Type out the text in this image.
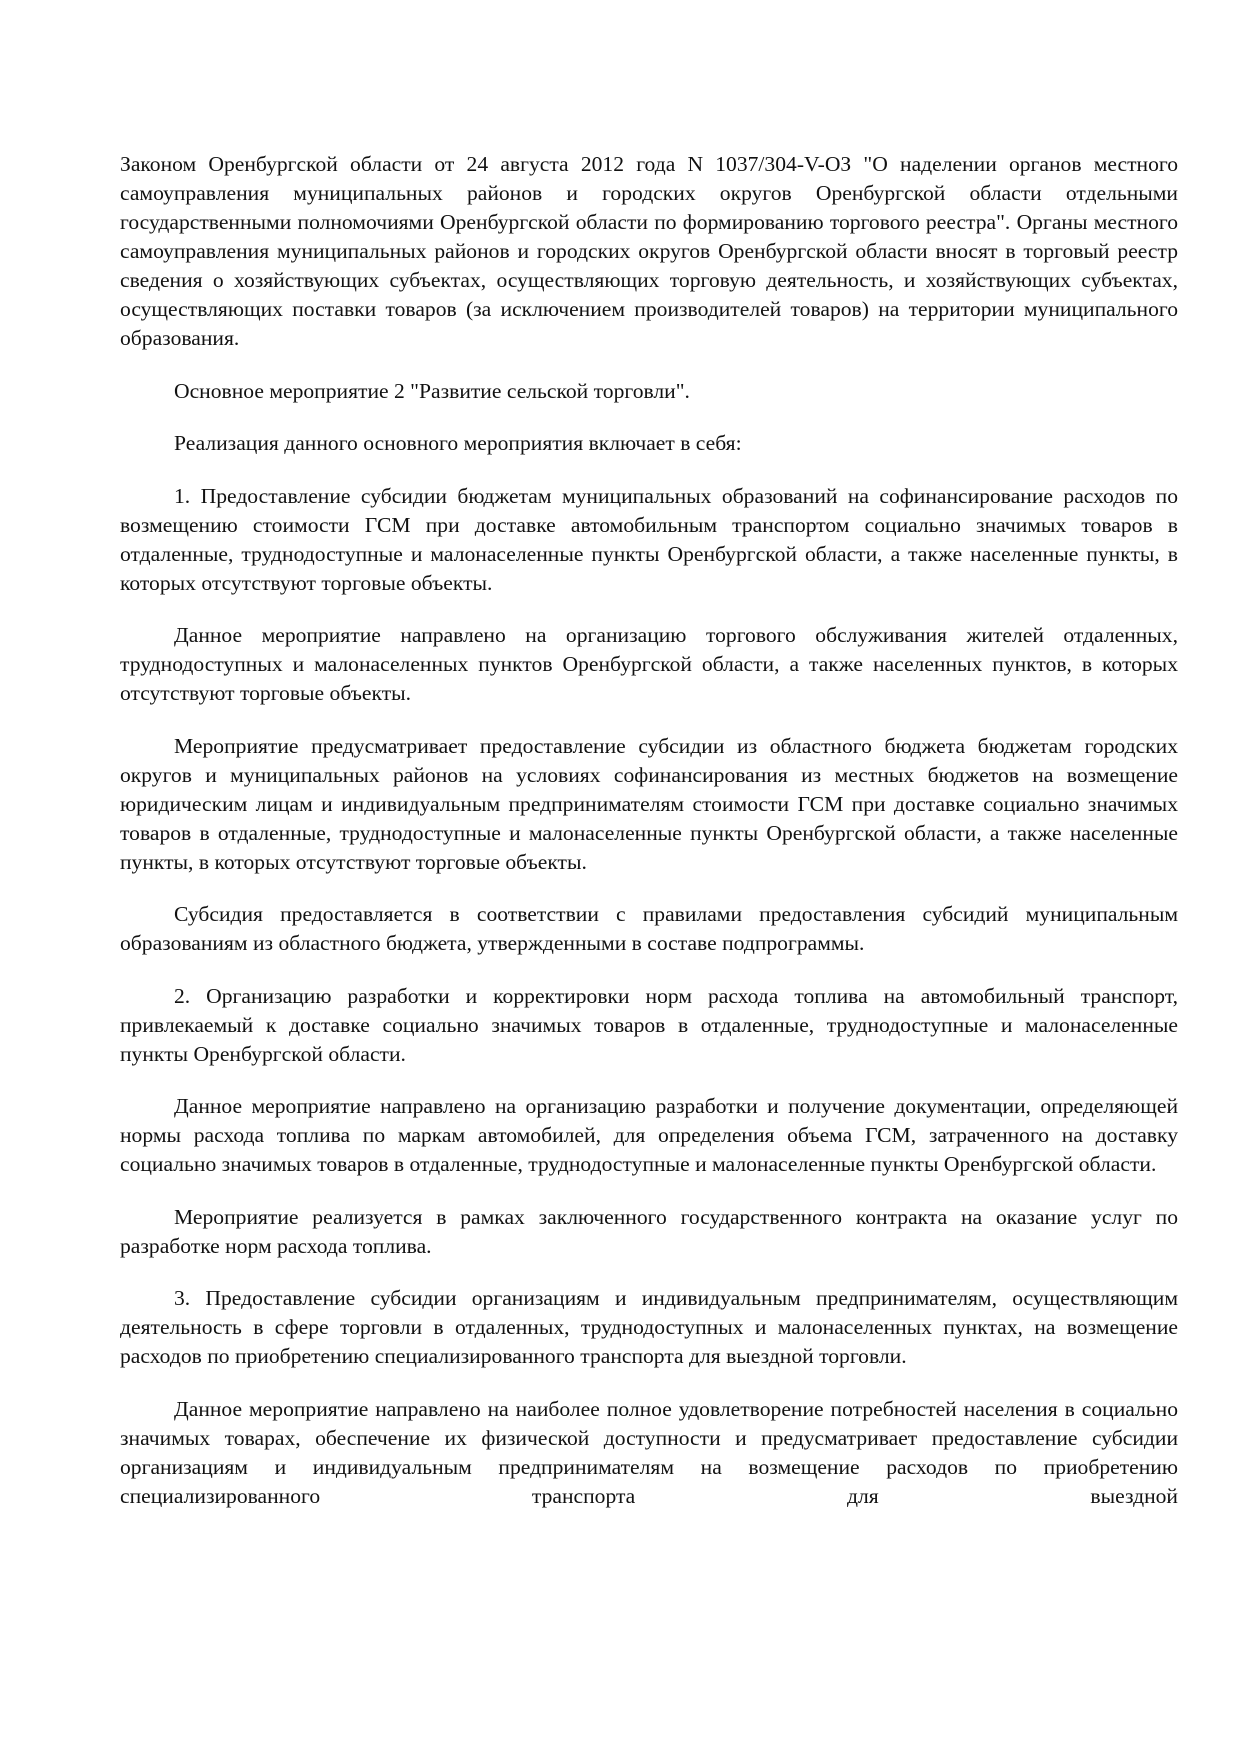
Законом Оренбургской области от 24 августа 2012 года N 1037/304-V-ОЗ "О наделении органов местного самоуправления муниципальных районов и городских округов Оренбургской области отдельными государственными полномочиями Оренбургской области по формированию торгового реестра". Органы местного самоуправления муниципальных районов и городских округов Оренбургской области вносят в торговый реестр сведения о хозяйствующих субъектах, осуществляющих торговую деятельность, и хозяйствующих субъектах, осуществляющих поставки товаров (за исключением производителей товаров) на территории муниципального образования.

Основное мероприятие 2 "Развитие сельской торговли".

Реализация данного основного мероприятия включает в себя:

1. Предоставление субсидии бюджетам муниципальных образований на софинансирование расходов по возмещению стоимости ГСМ при доставке автомобильным транспортом социально значимых товаров в отдаленные, труднодоступные и малонаселенные пункты Оренбургской области, а также населенные пункты, в которых отсутствуют торговые объекты.

Данное мероприятие направлено на организацию торгового обслуживания жителей отдаленных, труднодоступных и малонаселенных пунктов Оренбургской области, а также населенных пунктов, в которых отсутствуют торговые объекты.

Мероприятие предусматривает предоставление субсидии из областного бюджета бюджетам городских округов и муниципальных районов на условиях софинансирования из местных бюджетов на возмещение юридическим лицам и индивидуальным предпринимателям стоимости ГСМ при доставке социально значимых товаров в отдаленные, труднодоступные и малонаселенные пункты Оренбургской области, а также населенные пункты, в которых отсутствуют торговые объекты.

Субсидия предоставляется в соответствии с правилами предоставления субсидий муниципальным образованиям из областного бюджета, утвержденными в составе подпрограммы.

2. Организацию разработки и корректировки норм расхода топлива на автомобильный транспорт, привлекаемый к доставке социально значимых товаров в отдаленные, труднодоступные и малонаселенные пункты Оренбургской области.

Данное мероприятие направлено на организацию разработки и получение документации, определяющей нормы расхода топлива по маркам автомобилей, для определения объема ГСМ, затраченного на доставку социально значимых товаров в отдаленные, труднодоступные и малонаселенные пункты Оренбургской области.

Мероприятие реализуется в рамках заключенного государственного контракта на оказание услуг по разработке норм расхода топлива.

3. Предоставление субсидии организациям и индивидуальным предпринимателям, осуществляющим деятельность в сфере торговли в отдаленных, труднодоступных и малонаселенных пунктах, на возмещение расходов по приобретению специализированного транспорта для выездной торговли.

Данное мероприятие направлено на наиболее полное удовлетворение потребностей населения в социально значимых товарах, обеспечение их физической доступности и предусматривает предоставление субсидии организациям и индивидуальным предпринимателям на возмещение расходов по приобретению специализированного транспорта для выездной
